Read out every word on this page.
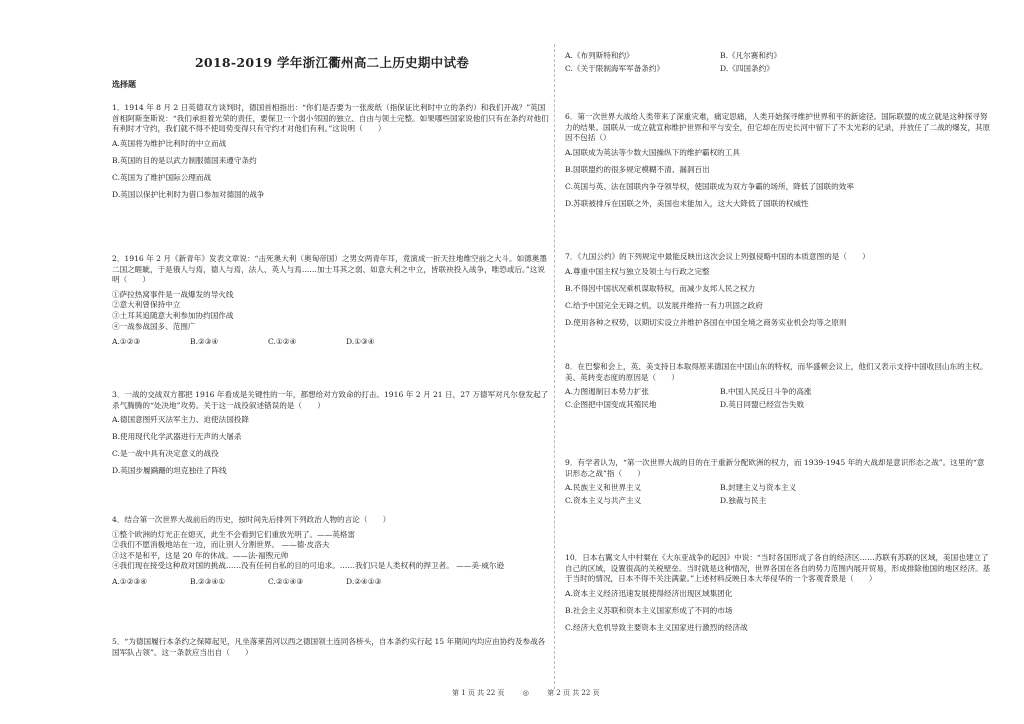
2018-2019 学年浙江衢州高二上历史期中试卷
选择题
1．1914 年 8 月 2 日英德双方谈判时，德国首相指出：“你们是否要为一张废纸（指保证比利时中立的条约）和我们开战？”英国首相阿斯奎斯说：“我们承担着光荣的责任，要保卫一个弱小邻国的独立、自由与领土完整。如果哪些国家说他们只有在条约对他们有利时才守约，我们就不得不使局势变得只有守约才对他们有利。”这说明（　　）
A.英国将为维护比利时的中立而战
B.英国的目的是以武力制服德国来遵守条约
C.英国为了维护国际公理而战
D.英国以保护比利时为借口参加对德国的战争
2．1916 年 2 月《新青年》发表文章说：“击死奥大利（奥匈帝国）之男女两青年耳，竟演成一折天拄地维空前之大斗。如德奥墨二国之睚眦，于是俄人与焉，德人与焉，法人、英人与焉……加士耳其之弱、如意大利之中立，皆联袂投入战争，唯恐或后。”这说明（　　）
①萨拉热窝事件是一战爆发的导火线
②意大利曾保持中立
③土耳其追随意大利参加协约国作战
④一战参战国多、范围广
A.①②③	B.②③④	C.①②④	D.①③④
3．一战的交战双方都把 1916 年看成是关键性的一年，都想给对方致命的打击。1916 年 2 月 21 日，27 万德军对凡尔登发起了杀气腾腾的“处决地”攻势。关于这一战役叙述错误的是（　　）
A.德国意图歼灭法军主力、迫使法国投降
B.使用现代化学武器进行无声的大屠杀
C.是一战中具有决定意义的战役
D.英国步履蹒跚的坦克独往了阵线
4．结合第一次世界大战前后的历史，按时间先后排列下列政治人物的言论（　　）
①整个欧洲的灯光正在熄灭，此生不会看到它们重放光明了。——英格雷
②我们不愿消极地站在一边，而让别人分割世界。 ——德·皮洛夫
③这不是和平，这是 20 年的休战。——法·福煦元帅
④我们现在接受这种敌对国的挑战……没有任何自私的目的可追求。……我们只是人类权利的捍卫者。 ——美·威尔逊
A.①②③④	B.②③④①	C.②①④③	D.②④①③
5．“为德国履行本条约之保障起见，凡坐落莱茵河以西之德国领土连同各桥头，自本条约实行起 15 年期间内均应由协约及参战各国军队占领”。这一条款应当出自（　　）
A.《布列斯特和约》	B.《凡尔赛和约》
C.《关于限制海军军备条约》	D.《四国条约》
6．第一次世界大战给人类带来了深重灾难，痛定思痛，人类开始探寻维护世界和平的新途径。国际联盟的成立就是这种探寻努力的结果。国联从一成立就宣称维护世界和平与安全，但它却在历史长河中留下了不太光彩的记录，并放任了二战的爆发，其原因不包括（）
A.国联成为英法等少数大国操纵下的维护霸权的工具
B.国联盟约的很多规定模糊不清、漏洞百出
C.英国与英、法在国联内争夺领导权，使国联成为双方争霸的场所，降低了国联的效率
D.苏联被排斥在国联之外，美国也未能加入，这大大降低了国联的权威性
7．《九国公约》的下列规定中最能反映出这次会议上列强侵略中国的本质意图的是（　　）
A.尊重中国主权与独立及领土与行政之完整
B.不得因中国状况乘机谋取特权，而减少友邦人民之权力
C.给予中国完全无碍之机，以发展并维持一有力巩固之政府
D.使用各种之权势，以期切实设立并维护各国在中国全境之商务实业机会均等之原则
8．在巴黎和会上，英、美支持日本取得原来德国在中国山东的特权，而华盛顿会议上，他们又表示支持中国收回山东的主权。美、英转变态度的原因是（　　）
A.力图遏制日本势力扩张	B.中国人民反日斗争的高涨
C.企图把中国变成其殖民地	D.英日同盟已经宣告失败
9．有学者认为，“第一次世界大战的目的在于重新分配欧洲的权力，而 1939-1945 年的大战却是意识形态之战”。这里的“意识形态之战”指（　　）
A.民族主义和世界主义	B.封建主义与资本主义
C.资本主义与共产主义	D.独裁与民主
10．日本右翼文人中村粲在《大东亚战争的起因》中说：“当时各国形成了各自的经济区……苏联有苏联的区域，美国也建立了自己的区域，设置很高的关税壁垒。当时就是这种情况，世界各国在各自的势力范围内展开贸易，形成排除他国的地区经济。基于当时的情况，日本不得不关注满蒙。”上述材料反映日本大举侵华的一个客观背景是（　　）
A.资本主义经济迅速发展使得经济出现区域集团化
B.社会主义苏联和资本主义国家形成了不同的市场
C.经济大危机导致主要资本主义国家进行激烈的经济战
第 1 页 共 22 页	◎	第 2 页 共 22 页
